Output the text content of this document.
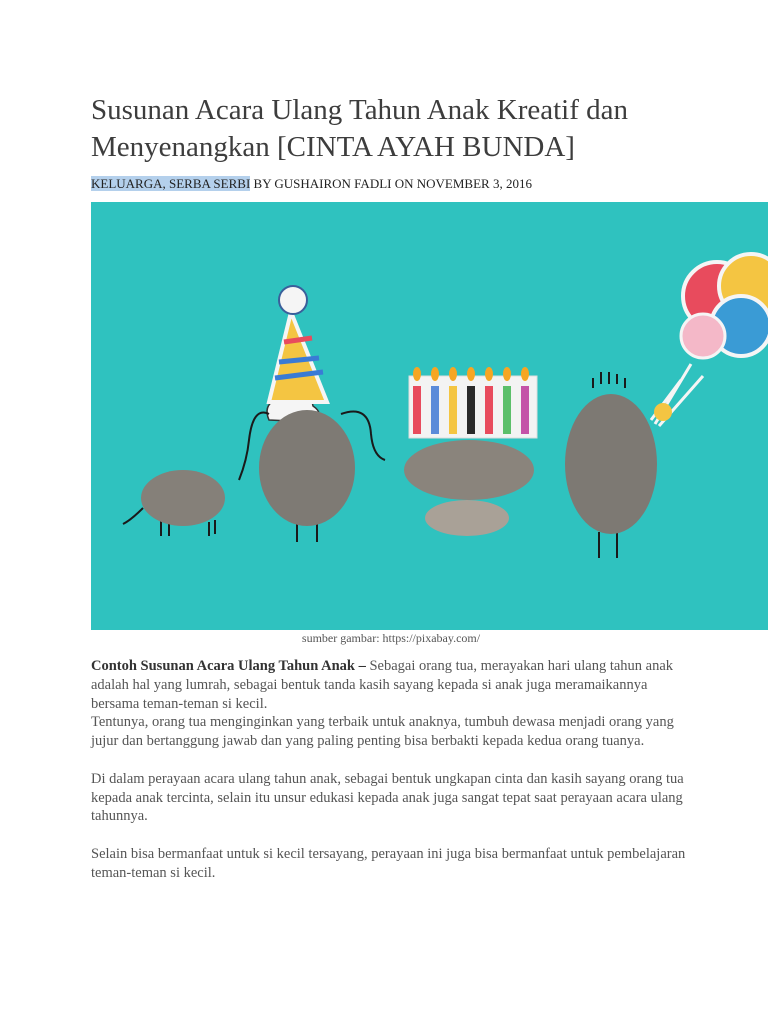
Susunan Acara Ulang Tahun Anak Kreatif dan Menyenangkan [CINTA AYAH BUNDA]
KELUARGA, SERBA SERBI BY GUSHAIRON FADLI ON NOVEMBER 3, 2016
sumber gambar: https://pixabay.com/

Contoh Susunan Acara Ulang Tahun Anak – Sebagai orang tua, merayakan hari ulang tahun anak adalah hal yang lumrah, sebagai bentuk tanda kasih sayang kepada si anak juga meramaikannya bersama teman-teman si kecil.
Tentunya, orang tua menginginkan yang terbaik untuk anaknya, tumbuh dewasa menjadi orang yang jujur dan bertanggung jawab dan yang paling penting bisa berbakti kepada kedua orang tuanya.

Di dalam perayaan acara ulang tahun anak, sebagai bentuk ungkapan cinta dan kasih sayang orang tua kepada anak tercinta, selain itu unsur edukasi kepada anak juga sangat tepat saat perayaan acara ulang tahunnya.

Selain bisa bermanfaat untuk si kecil tersayang, perayaan ini juga bisa bermanfaat untuk pembelajaran teman-teman si kecil.
